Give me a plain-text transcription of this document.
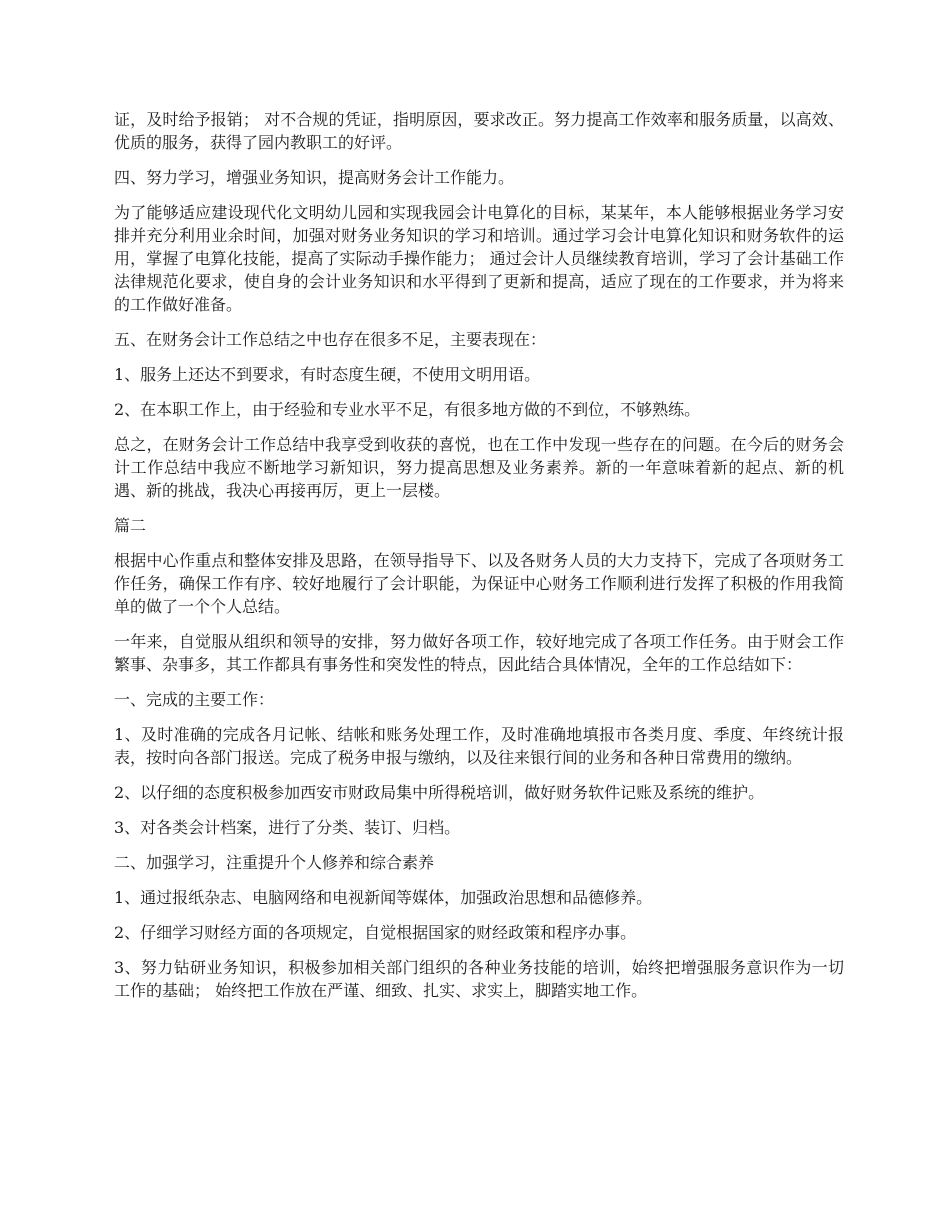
证，及时给予报销； 对不合规的凭证，指明原因，要求改正。努力提高工作效率和服务质量，以高效、优质的服务，获得了园内教职工的好评。

四、努力学习，增强业务知识，提高财务会计工作能力。

为了能够适应建设现代化文明幼儿园和实现我园会计电算化的目标，某某年，本人能够根据业务学习安排并充分利用业余时间，加强对财务业务知识的学习和培训。通过学习会计电算化知识和财务软件的运用，掌握了电算化技能，提高了实际动手操作能力； 通过会计人员继续教育培训，学习了会计基础工作法律规范化要求，使自身的会计业务知识和水平得到了更新和提高，适应了现在的工作要求，并为将来的工作做好准备。

五、在财务会计工作总结之中也存在很多不足，主要表现在：

1、服务上还达不到要求，有时态度生硬，不使用文明用语。

2、在本职工作上，由于经验和专业水平不足，有很多地方做的不到位，不够熟练。

总之，在财务会计工作总结中我享受到收获的喜悦，也在工作中发现一些存在的问题。在今后的财务会计工作总结中我应不断地学习新知识，努力提高思想及业务素养。新的一年意味着新的起点、新的机遇、新的挑战，我决心再接再厉，更上一层楼。

篇二

根据中心作重点和整体安排及思路，在领导指导下、以及各财务人员的大力支持下，完成了各项财务工作任务，确保工作有序、较好地履行了会计职能，为保证中心财务工作顺利进行发挥了积极的作用我简单的做了一个个人总结。

一年来，自觉服从组织和领导的安排，努力做好各项工作，较好地完成了各项工作任务。由于财会工作繁事、杂事多，其工作都具有事务性和突发性的特点，因此结合具体情况，全年的工作总结如下：

一、完成的主要工作：

1、及时准确的完成各月记帐、结帐和账务处理工作，及时准确地填报市各类月度、季度、年终统计报表，按时向各部门报送。完成了税务申报与缴纳，以及往来银行间的业务和各种日常费用的缴纳。

2、以仔细的态度积极参加西安市财政局集中所得税培训，做好财务软件记账及系统的维护。

3、对各类会计档案，进行了分类、装订、归档。

二、加强学习，注重提升个人修养和综合素养

1、通过报纸杂志、电脑网络和电视新闻等媒体，加强政治思想和品德修养。

2、仔细学习财经方面的各项规定，自觉根据国家的财经政策和程序办事。

3、努力钻研业务知识，积极参加相关部门组织的各种业务技能的培训，始终把增强服务意识作为一切工作的基础； 始终把工作放在严谨、细致、扎实、求实上，脚踏实地工作。
